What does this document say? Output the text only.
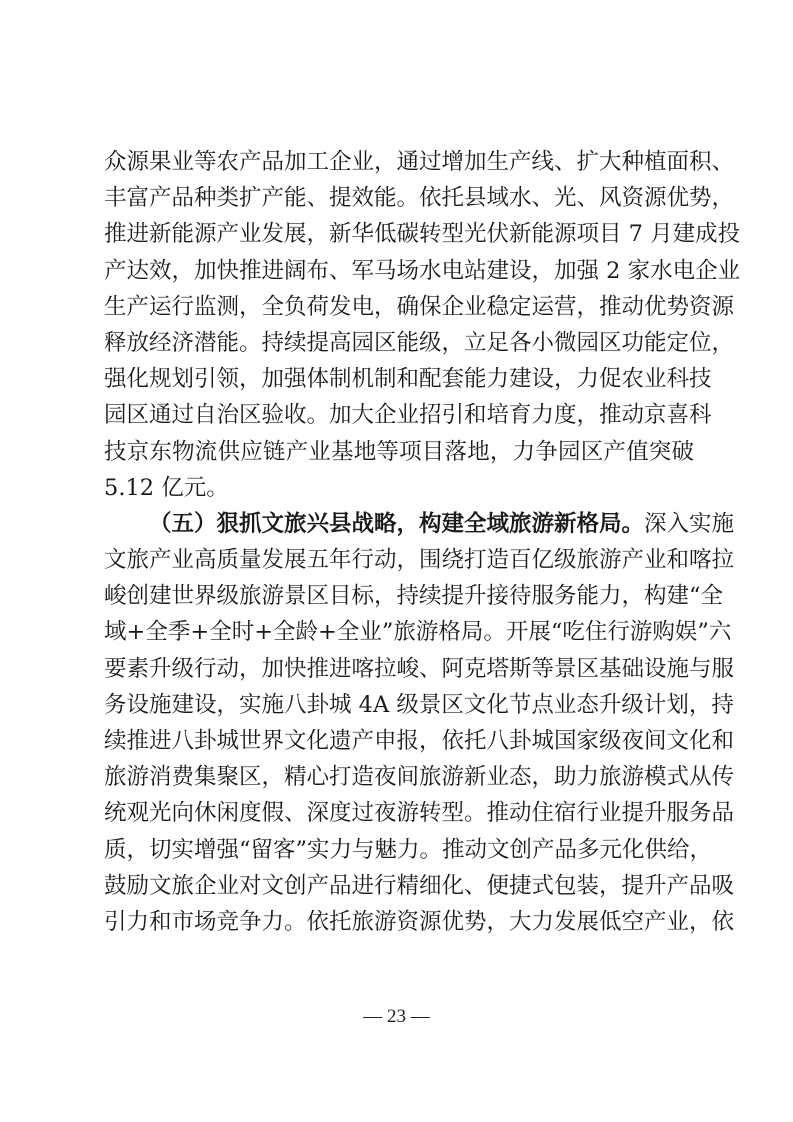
众源果业等农产品加工企业，通过增加生产线、扩大种植面积、
丰富产品种类扩产能、提效能。依托县域水、光、风资源优势，
推进新能源产业发展，新华低碳转型光伏新能源项目 7 月建成投
产达效，加快推进阔布、军马场水电站建设，加强 2 家水电企业
生产运行监测，全负荷发电，确保企业稳定运营，推动优势资源
释放经济潜能。持续提高园区能级，立足各小微园区功能定位，
强化规划引领，加强体制机制和配套能力建设，力促农业科技
园区通过自治区验收。加大企业招引和培育力度，推动京喜科
技京东物流供应链产业基地等项目落地，力争园区产值突破
5.12 亿元。
（五）狠抓文旅兴县战略，构建全域旅游新格局。深入实施
文旅产业高质量发展五年行动，围绕打造百亿级旅游产业和喀拉
峻创建世界级旅游景区目标，持续提升接待服务能力，构建“全
域+全季+全时+全龄+全业”旅游格局。开展“吃住行游购娱”六
要素升级行动，加快推进喀拉峻、阿克塔斯等景区基础设施与服
务设施建设，实施八卦城 4A 级景区文化节点业态升级计划，持
续推进八卦城世界文化遗产申报，依托八卦城国家级夜间文化和
旅游消费集聚区，精心打造夜间旅游新业态，助力旅游模式从传
统观光向休闲度假、深度过夜游转型。推动住宿行业提升服务品
质，切实增强“留客”实力与魅力。推动文创产品多元化供给，
鼓励文旅企业对文创产品进行精细化、便捷式包装，提升产品吸
引力和市场竞争力。依托旅游资源优势，大力发展低空产业，依
— 23 —
